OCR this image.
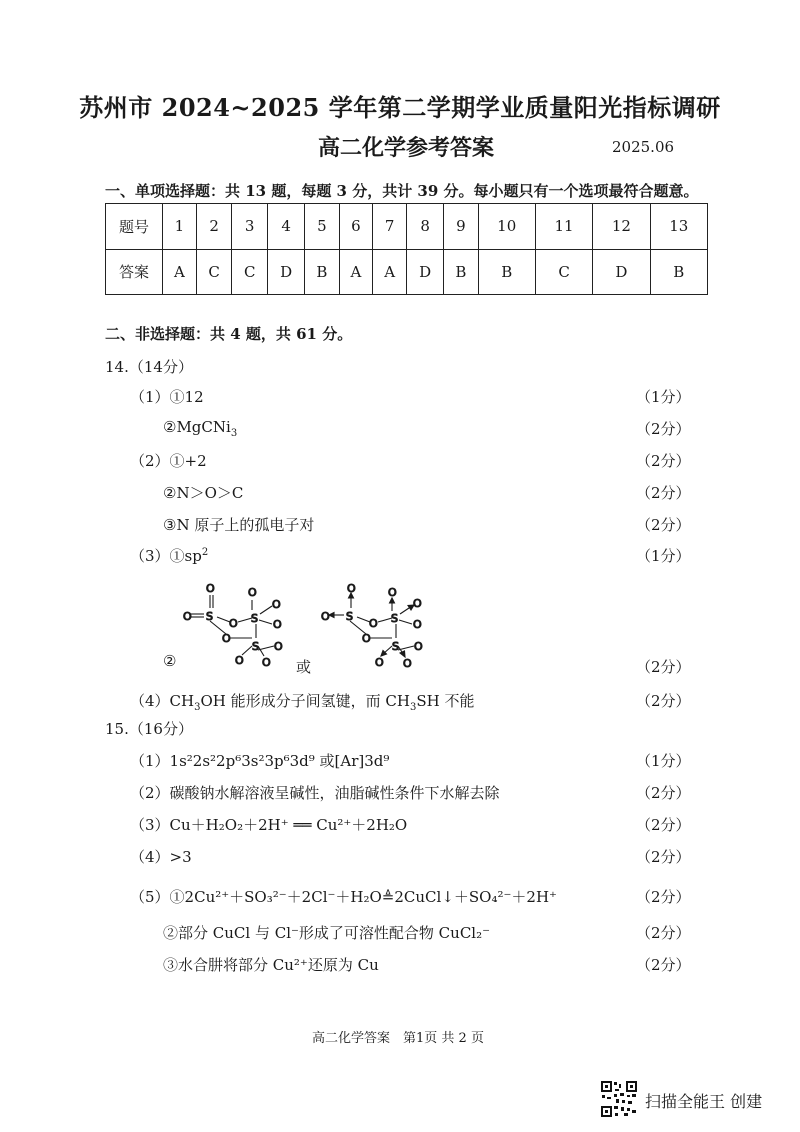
苏州市 2024~2025 学年第二学期学业质量阳光指标调研
高二化学参考答案	2025.06
一、单项选择题：共 13 题，每题 3 分，共计 39 分。每小题只有一个选项最符合题意。
题号	1	2	3	4	5	6	7	8	9	10	11	12	13
答案	A	C	C	D	B	A	A	D	B	B	C	D	B
二、非选择题：共 4 题，共 61 分。
14.（14分）
（1）①12	（1分）
②MgCNi$_3$	（2分）
（2）①+2	（2分）
②N＞O＞C	（2分）
③N 原子上的孤电子对	（2分）
$(3)①sp^2$	（1分）
O
O S
O
O
S
O
O
O
S O
O O
O
O S
O
O
S
O
O
O
S O
O O
②	或	（2分）
$(4)CH_3OH$ 能形成分子间氢键，而 $CH_3SH$ 不能	（2分）
15.（16分）
（1）1s²2s²2p⁶3s²3p⁶3d⁹ 或[Ar]3d⁹	（1分）
（2）碳酸钠水解溶液呈碱性，油脂碱性条件下水解去除	（2分）
（3）Cu＋H₂O₂＋2H⁺ ══ Cu²⁺＋2H₂O	（2分）
（4）>3	（2分）
（5）①2Cu²⁺＋SO₃²⁻＋2Cl⁻＋H₂O≜2CuCl↓＋SO₄²⁻＋2H⁺	（2分）
②部分 CuCl 与 Cl⁻形成了可溶性配合物 CuCl₂⁻	（2分）
③水合肼将部分 Cu²⁺还原为 Cu	（2分）
高二化学答案　第1页 共 2 页
扫描全能王 创建
